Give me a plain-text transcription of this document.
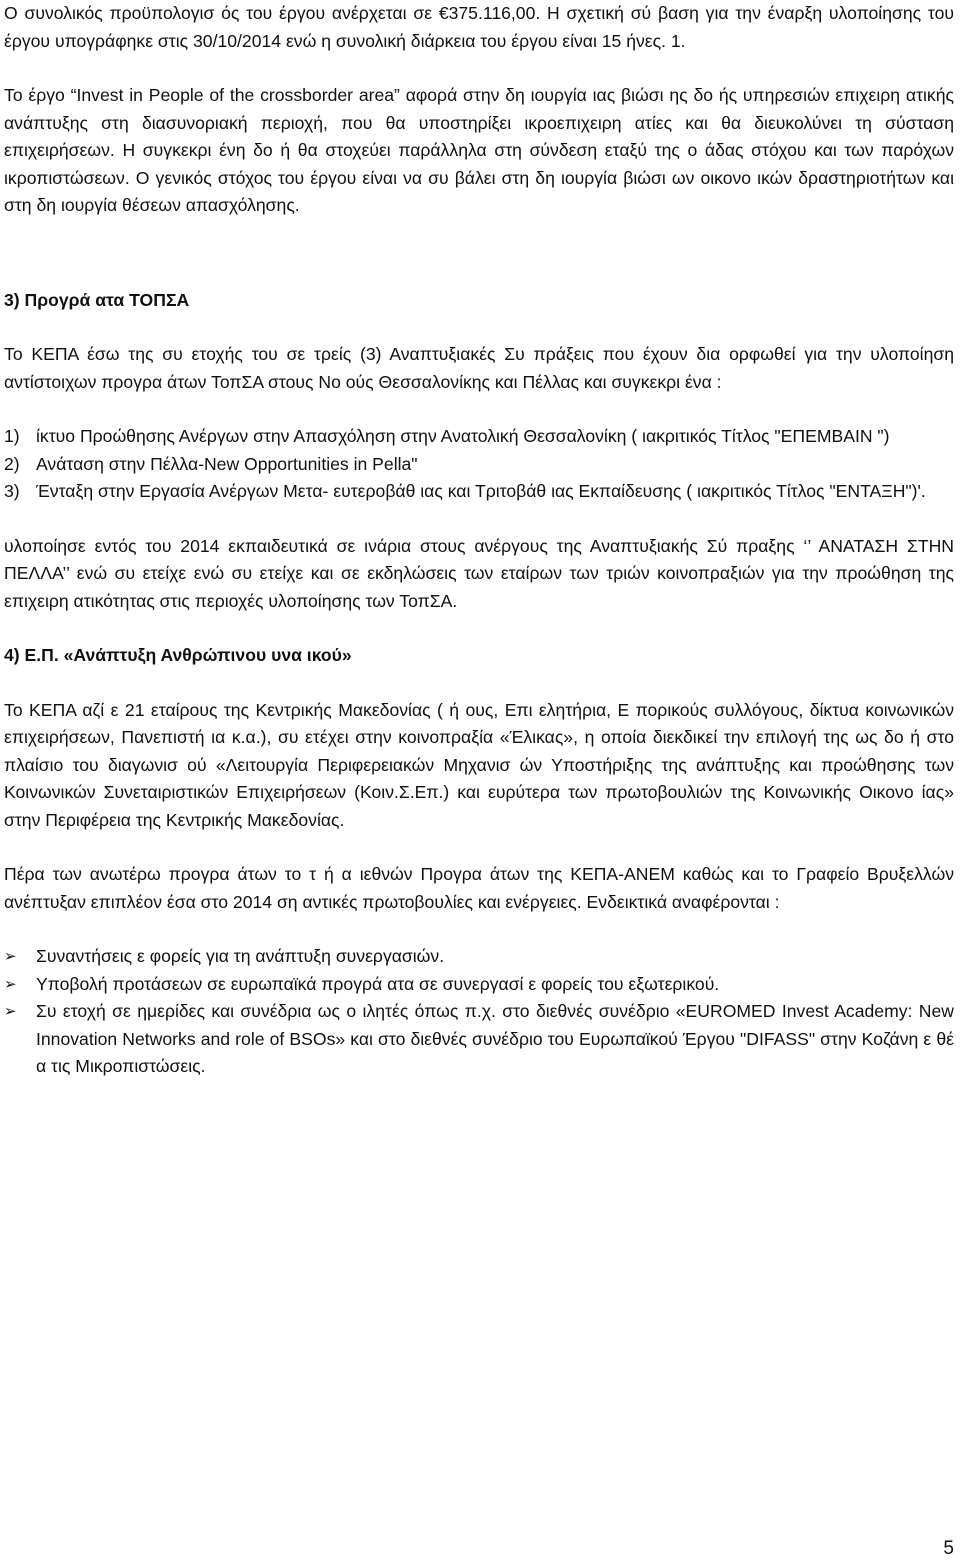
Ο συνολικός προϋπολογισ ός του έργου ανέρχεται σε €375.116,00. Η σχετική σύ βαση για την έναρξη υλοποίησης του έργου υπογράφηκε στις 30/10/2014 ενώ η συνολική διάρκεια του έργου είναι 15 ήνες. 1.

Το έργο “Invest in People of the crossborder area” αφορά στην δη ιουργία ιας βιώσι ης δο ής υπηρεσιών επιχειρη ατικής ανάπτυξης στη διασυνοριακή περιοχή, που θα υποστηρίξει ικροεπιχειρη ατίες και θα διευκολύνει τη σύσταση επιχειρήσεων. Η συγκεκρι ένη δο ή θα στοχεύει παράλληλα στη σύνδεση εταξύ της ο άδας στόχου και των παρόχων ικροπιστώσεων. Ο γενικός στόχος του έργου είναι να συ βάλει στη δη ιουργία βιώσι ων οικονο ικών δραστηριοτήτων και στη δη ιουργία θέσεων απασχόλησης.

3) Προγρά ατα ΤΟΠΣΑ

Το ΚΕΠΑ έσω της συ ετοχής του σε τρείς (3) Αναπτυξιακές Συ πράξεις που έχουν δια ορφωθεί για την υλοποίηση αντίστοιχων προγρα άτων ΤοπΣΑ στους Νο ούς Θεσσαλονίκης και Πέλλας και συγκεκρι ένα :

1) ίκτυο Προώθησης Ανέργων στην Απασχόληση στην Ανατολική Θεσσαλονίκη ( ιακριτικός Τίτλος "ΕΠΕΜΒΑΙΝ ")
2) Ανάταση στην Πέλλα-New Opportunities in Pella"
3) Ένταξη στην Εργασία Ανέργων Μετα- ευτεροβάθ ιας και Τριτοβάθ ιας Εκπαίδευσης ( ιακριτικός Τίτλος "ΕΝΤΑΞΗ")'.

υλοποίησε εντός του 2014 εκπαιδευτικά σε ινάρια στους ανέργους της Αναπτυξιακής Σύ πραξης ‘’ ΑΝΑΤΑΣΗ ΣΤΗΝ ΠΕΛΛΑ’’ ενώ συ ετείχε ενώ συ ετείχε και σε εκδηλώσεις των εταίρων των τριών κοινοπραξιών για την προώθηση της επιχειρη ατικότητας στις περιοχές υλοποίησης των ΤοπΣΑ.

4) Ε.Π. «Ανάπτυξη Ανθρώπινου υνα ικού»

Το ΚΕΠΑ αζί ε 21 εταίρους της Κεντρικής Μακεδονίας ( ή ους, Επι ελητήρια, Ε πορικούς συλλόγους, δίκτυα κοινωνικών επιχειρήσεων, Πανεπιστή ια κ.α.), συ ετέχει στην κοινοπραξία «Έλικας», η οποία διεκδικεί την επιλογή της ως δο ή στο πλαίσιο του διαγωνισ ού «Λειτουργία Περιφερειακών Μηχανισ ών Υποστήριξης της ανάπτυξης και προώθησης των Κοινωνικών Συνεταιριστικών Επιχειρήσεων (Κοιν.Σ.Επ.) και ευρύτερα των πρωτοβουλιών της Κοινωνικής Οικονο ίας» στην Περιφέρεια της Κεντρικής Μακεδονίας.

Πέρα των ανωτέρω προγρα άτων το τ ή α ιεθνών Προγρα άτων της ΚΕΠΑ-ΑΝΕΜ καθώς και το Γραφείο Βρυξελλών ανέπτυξαν επιπλέον έσα στο 2014 ση αντικές πρωτοβουλίες και ενέργειες. Ενδεικτικά αναφέρονται :

➢	Συναντήσεις ε φορείς για τη ανάπτυξη συνεργασιών.
➢	Υποβολή προτάσεων σε ευρωπαϊκά προγρά ατα σε συνεργασί ε φορείς του εξωτερικού.
➢	Συ ετοχή σε ημερίδες και συνέδρια ως ο ιλητές όπως π.χ. στο διεθνές συνέδριο «EUROMED Invest Academy: New Innovation Networks and role of BSOs» και στο διεθνές συνέδριο του Ευρωπαϊκού Έργου "DIFASS" στην Κοζάνη ε θέ α τις Μικροπιστώσεις.
5
